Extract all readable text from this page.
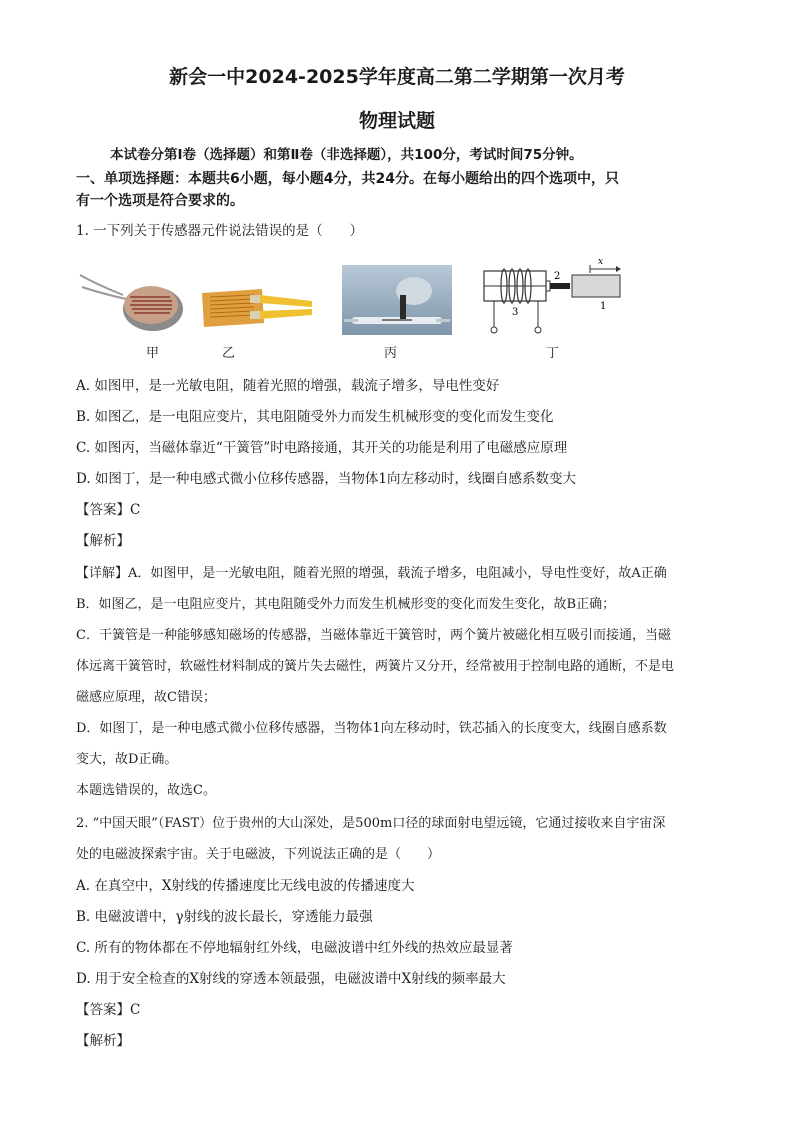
新会一中2024-2025学年度高二第二学期第一次月考
物理试题
本试卷分第Ⅰ卷（选择题）和第Ⅱ卷（非选择题），共100分，考试时间75分钟。
一、单项选择题：本题共6小题，每小题4分，共24分。在每小题给出的四个选项中，只
有一个选项是符合要求的。
1. 一下列关于传感器元件说法错误的是（　　）
x
2
3
1
甲	乙	丙	丁
A. 如图甲，是一光敏电阻，随着光照的增强，载流子增多，导电性变好
B. 如图乙，是一电阻应变片，其电阻随受外力而发生机械形变的变化而发生变化
C. 如图丙，当磁体靠近“干簧管”时电路接通，其开关的功能是利用了电磁感应原理
D. 如图丁，是一种电感式微小位移传感器，当物体1向左移动时，线圈自感系数变大
【答案】C
【解析】
【详解】A．如图甲，是一光敏电阻，随着光照的增强，载流子增多，电阻减小，导电性变好，故A正确
B．如图乙，是一电阻应变片，其电阻随受外力而发生机械形变的变化而发生变化，故B正确；
C．干簧管是一种能够感知磁场的传感器，当磁体靠近干簧管时，两个簧片被磁化相互吸引而接通，当磁
体远离干簧管时，软磁性材料制成的簧片失去磁性，两簧片又分开，经常被用于控制电路的通断，不是电
磁感应原理，故C错误；
D．如图丁，是一种电感式微小位移传感器，当物体1向左移动时，铁芯插入的长度变大，线圈自感系数
变大，故D正确。
本题选错误的，故选C。
2. “中国天眼”（FAST）位于贵州的大山深处，是500m口径的球面射电望远镜，它通过接收来自宇宙深
处的电磁波探索宇宙。关于电磁波，下列说法正确的是（　　）
A. 在真空中，X射线的传播速度比无线电波的传播速度大
B. 电磁波谱中，γ射线的波长最长，穿透能力最强
C. 所有的物体都在不停地辐射红外线，电磁波谱中红外线的热效应最显著
D. 用于安全检查的X射线的穿透本领最强，电磁波谱中X射线的频率最大
【答案】C
【解析】
